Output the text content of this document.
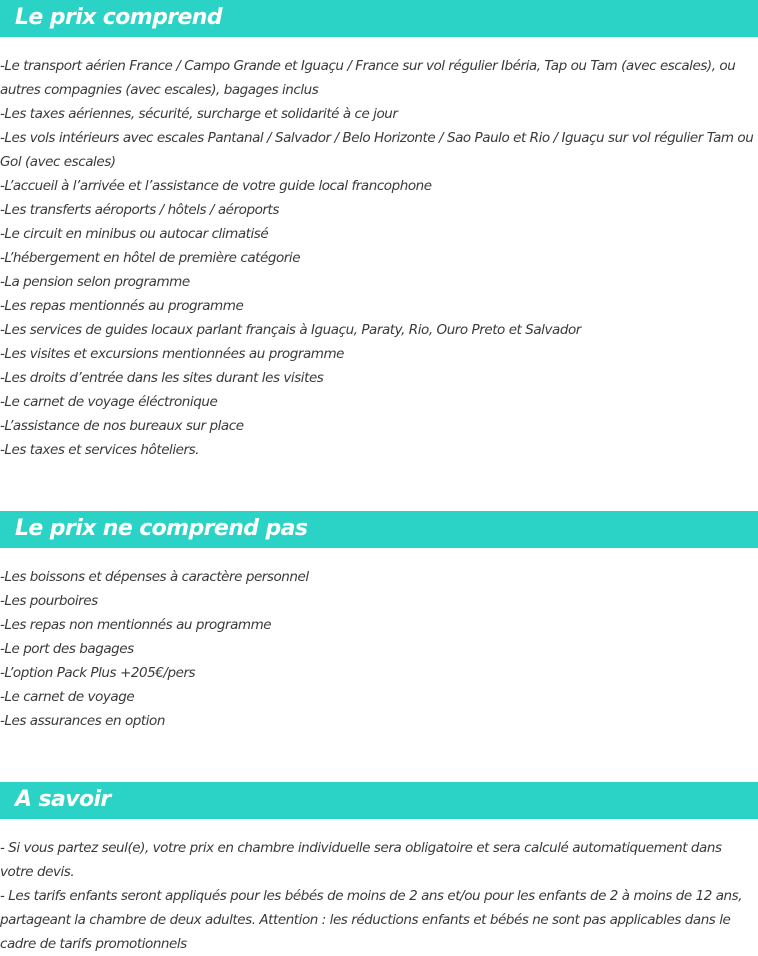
Le prix comprend
-Le transport aérien France / Campo Grande et Iguaçu / France sur vol régulier Ibéria, Tap ou Tam (avec escales), ou autres compagnies (avec escales), bagages inclus
-Les taxes aériennes, sécurité, surcharge et solidarité à ce jour
-Les vols intérieurs avec escales Pantanal / Salvador / Belo Horizonte / Sao Paulo et Rio / Iguaçu sur vol régulier Tam ou Gol (avec escales)
-L’accueil à l’arrivée et l’assistance de votre guide local francophone
-Les transferts aéroports / hôtels / aéroports
-Le circuit en minibus ou autocar climatisé
-L’hébergement en hôtel de première catégorie
-La pension selon programme
-Les repas mentionnés au programme
-Les services de guides locaux parlant français à Iguaçu, Paraty, Rio, Ouro Preto et Salvador
-Les visites et excursions mentionnées au programme
-Les droits d’entrée dans les sites durant les visites
-Le carnet de voyage éléctronique
-L’assistance de nos bureaux sur place
-Les taxes et services hôteliers.
Le prix ne comprend pas
-Les boissons et dépenses à caractère personnel
-Les pourboires
-Les repas non mentionnés au programme
-Le port des bagages
-L’option Pack Plus +205€/pers
-Le carnet de voyage
-Les assurances en option
A savoir
- Si vous partez seul(e), votre prix en chambre individuelle sera obligatoire et sera calculé automatiquement dans votre devis.
- Les tarifs enfants seront appliqués pour les bébés de moins de 2 ans et/ou pour les enfants de 2 à moins de 12 ans, partageant la chambre de deux adultes. Attention : les réductions enfants et bébés ne sont pas applicables dans le cadre de tarifs promotionnels
